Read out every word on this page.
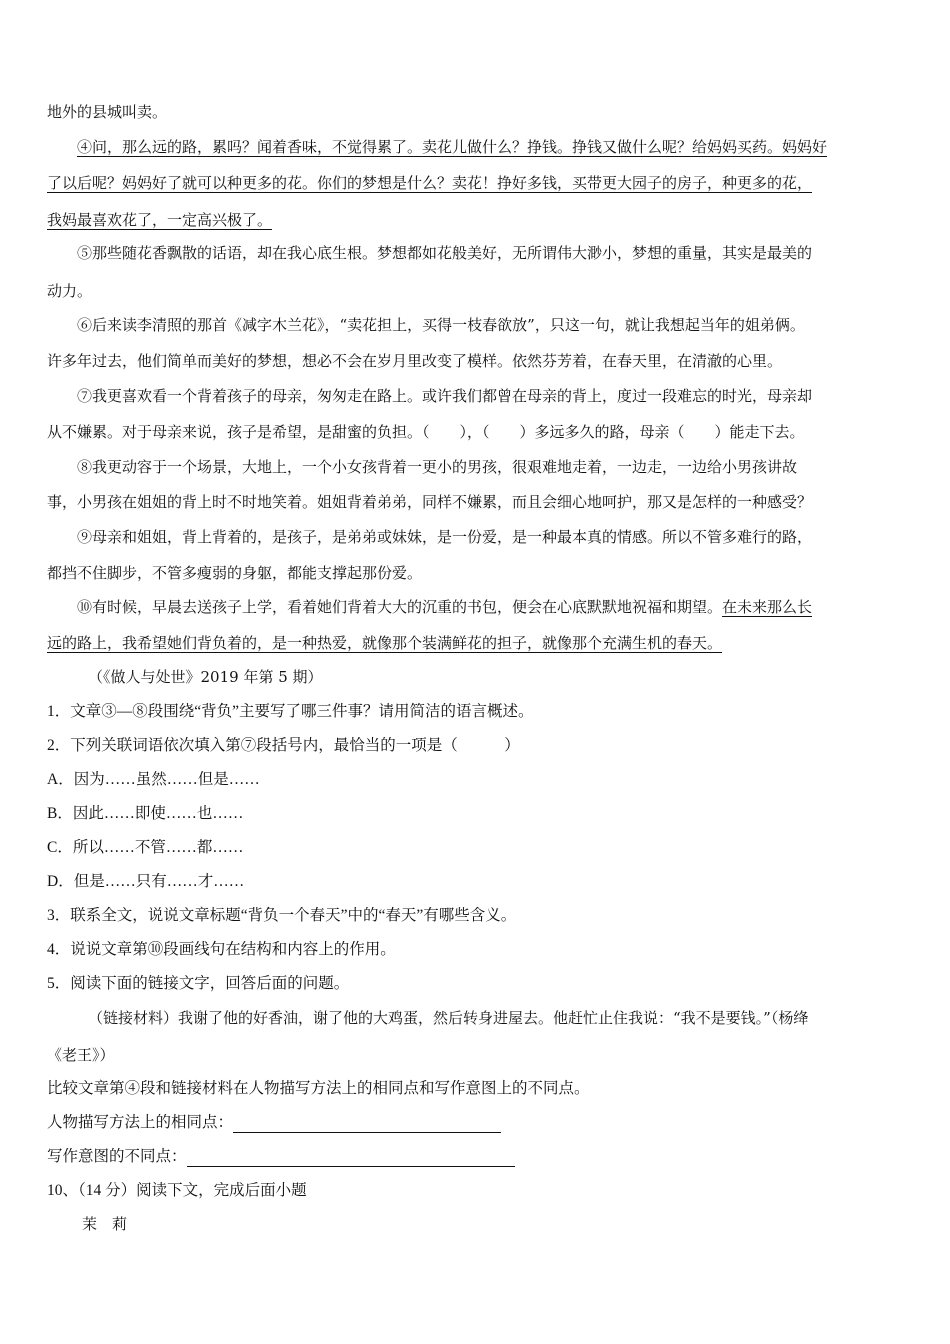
地外的县城叫卖。
④问，那么远的路，累吗？闻着香味，不觉得累了。卖花儿做什么？挣钱。挣钱又做什么呢？给妈妈买药。妈妈好
了以后呢？妈妈好了就可以种更多的花。你们的梦想是什么？卖花！挣好多钱，买带更大园子的房子，种更多的花，
我妈最喜欢花了，一定高兴极了。
⑤那些随花香飘散的话语，却在我心底生根。梦想都如花般美好，无所谓伟大渺小，梦想的重量，其实是最美的
动力。
⑥后来读李清照的那首《减字木兰花》，“卖花担上，买得一枝春欲放”，只这一句，就让我想起当年的姐弟俩。
许多年过去，他们简单而美好的梦想，想必不会在岁月里改变了模样。依然芬芳着，在春天里，在清澈的心里。
⑦我更喜欢看一个背着孩子的母亲，匆匆走在路上。或许我们都曾在母亲的背上，度过一段难忘的时光，母亲却
从不嫌累。对于母亲来说，孩子是希望，是甜蜜的负担。（　　），（　　）多远多久的路，母亲（　　）能走下去。
⑧我更动容于一个场景，大地上，一个小女孩背着一更小的男孩，很艰难地走着，一边走，一边给小男孩讲故
事，小男孩在姐姐的背上时不时地笑着。姐姐背着弟弟，同样不嫌累，而且会细心地呵护，那又是怎样的一种感受？
⑨母亲和姐姐，背上背着的，是孩子，是弟弟或妹妹，是一份爱，是一种最本真的情感。所以不管多难行的路，
都挡不住脚步，不管多瘦弱的身躯，都能支撑起那份爱。
⑩有时候，早晨去送孩子上学，看着她们背着大大的沉重的书包，便会在心底默默地祝福和期望。在未来那么长
远的路上，我希望她们背负着的，是一种热爱，就像那个装满鲜花的担子，就像那个充满生机的春天。
（《做人与处世》2019 年第 5 期）
1．文章③—⑧段围绕“背负”主要写了哪三件事？请用简洁的语言概述。
2．下列关联词语依次填入第⑦段括号内，最恰当的一项是（　　　）
A．因为……虽然……但是……
B．因此……即使……也……
C．所以……不管……都……
D．但是……只有……才……
3．联系全文，说说文章标题“背负一个春天”中的“春天”有哪些含义。
4．说说文章第⑩段画线句在结构和内容上的作用。
5．阅读下面的链接文字，回答后面的问题。
（链接材料）我谢了他的好香油，谢了他的大鸡蛋，然后转身进屋去。他赶忙止住我说：“我不是要钱。”（杨绛
《老王》）
比较文章第④段和链接材料在人物描写方法上的相同点和写作意图上的不同点。
人物描写方法上的相同点：
写作意图的不同点：
10、（14 分）阅读下文，完成后面小题
茉　莉
